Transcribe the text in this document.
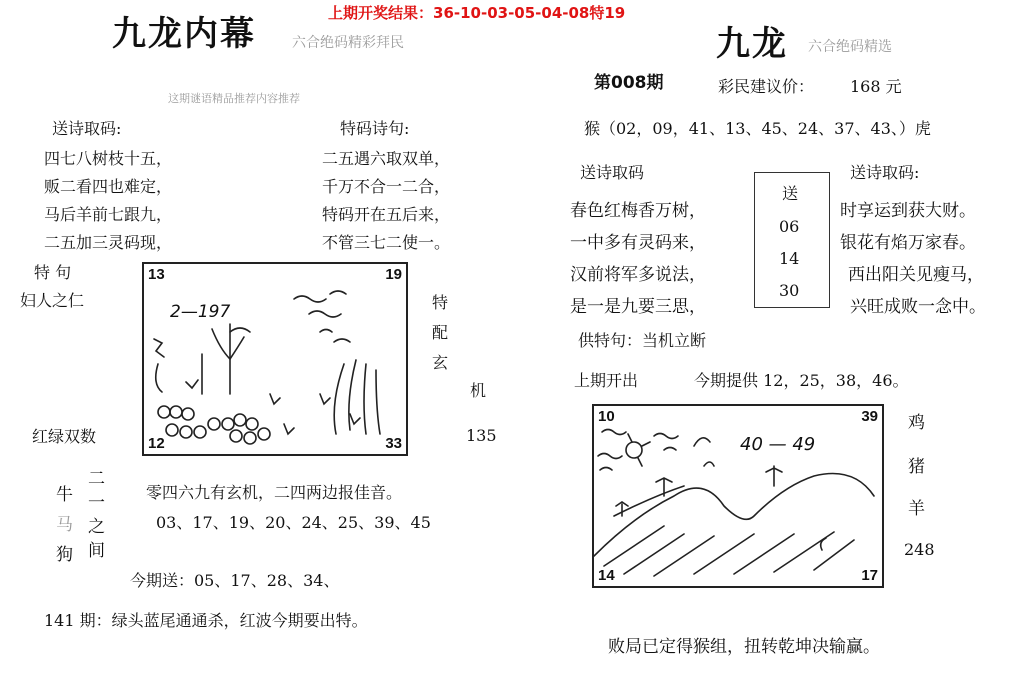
上期开奖结果：36-10-03-05-04-08特19
九龙内幕	六合绝码精彩拜民
这期谜语精品推荐内容推荐
送诗取码:	特码诗句:
四七八树枝十五，
贩二看四也难定，
马后羊前七跟九，
二五加三灵码现，
二五遇六取双单，
千万不合一二合，
特码开在五后来，
不管三七二使一。
特 句
妇人之仁
红绿双数
13	19
12	33
2—197	特
配
玄
机
135
牛
马
狗
二
一
之
间
零四六九有玄机，二四两边报佳音。
03、17、19、20、24、25、39、45
今期送：05、17、28、34、
141 期：绿头蓝尾通通杀，红波今期要出特。
九龙 六合绝码精选
第008期	彩民建议价： 168 元
猴（02，09，41、13、45、24、37、43、）虎
送诗取码	送诗取码:
春色红梅香万树，
一中多有灵码来，
汉前将军多说法，
是一是九要三思，
送
06
14
30
时享运到获大财。
银花有焰万家春。
西出阳关见瘦马，
兴旺成败一念中。
供特句：当机立断
上期开出	今期提供 12，25，38，46。
10	39
14	17
40 — 49
鸡
猪
羊
248
败局已定得猴组，扭转乾坤决输赢。
